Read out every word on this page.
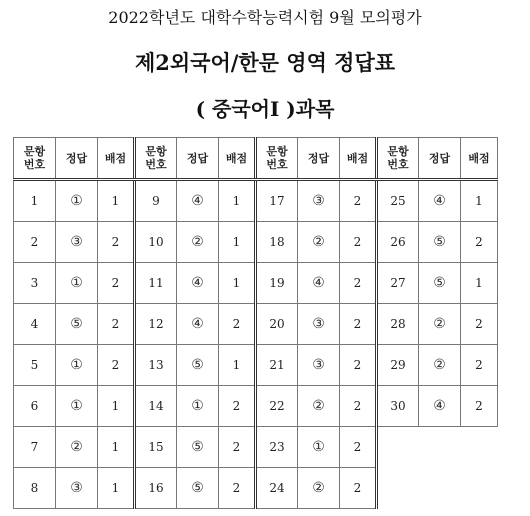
2022학년도 대학수학능력시험 9월 모의평가
제2외국어/한문 영역 정답표
( 중국어Ⅰ )과목
문항
번호	정답	배점	문항
번호	정답	배점	문항
번호	정답	배점	문항
번호	정답	배점
1	①	1	9	④	1	17	③	2	25	④	1
2	③	2	10	②	1	18	②	2	26	⑤	2
3	①	2	11	④	1	19	④	2	27	⑤	1
4	⑤	2	12	④	2	20	③	2	28	②	2
5	①	2	13	⑤	1	21	③	2	29	②	2
6	①	1	14	①	2	22	②	2	30	④	2
7	②	1	15	⑤	2	23	①	2			
8	③	1	16	⑤	2	24	②	2			
